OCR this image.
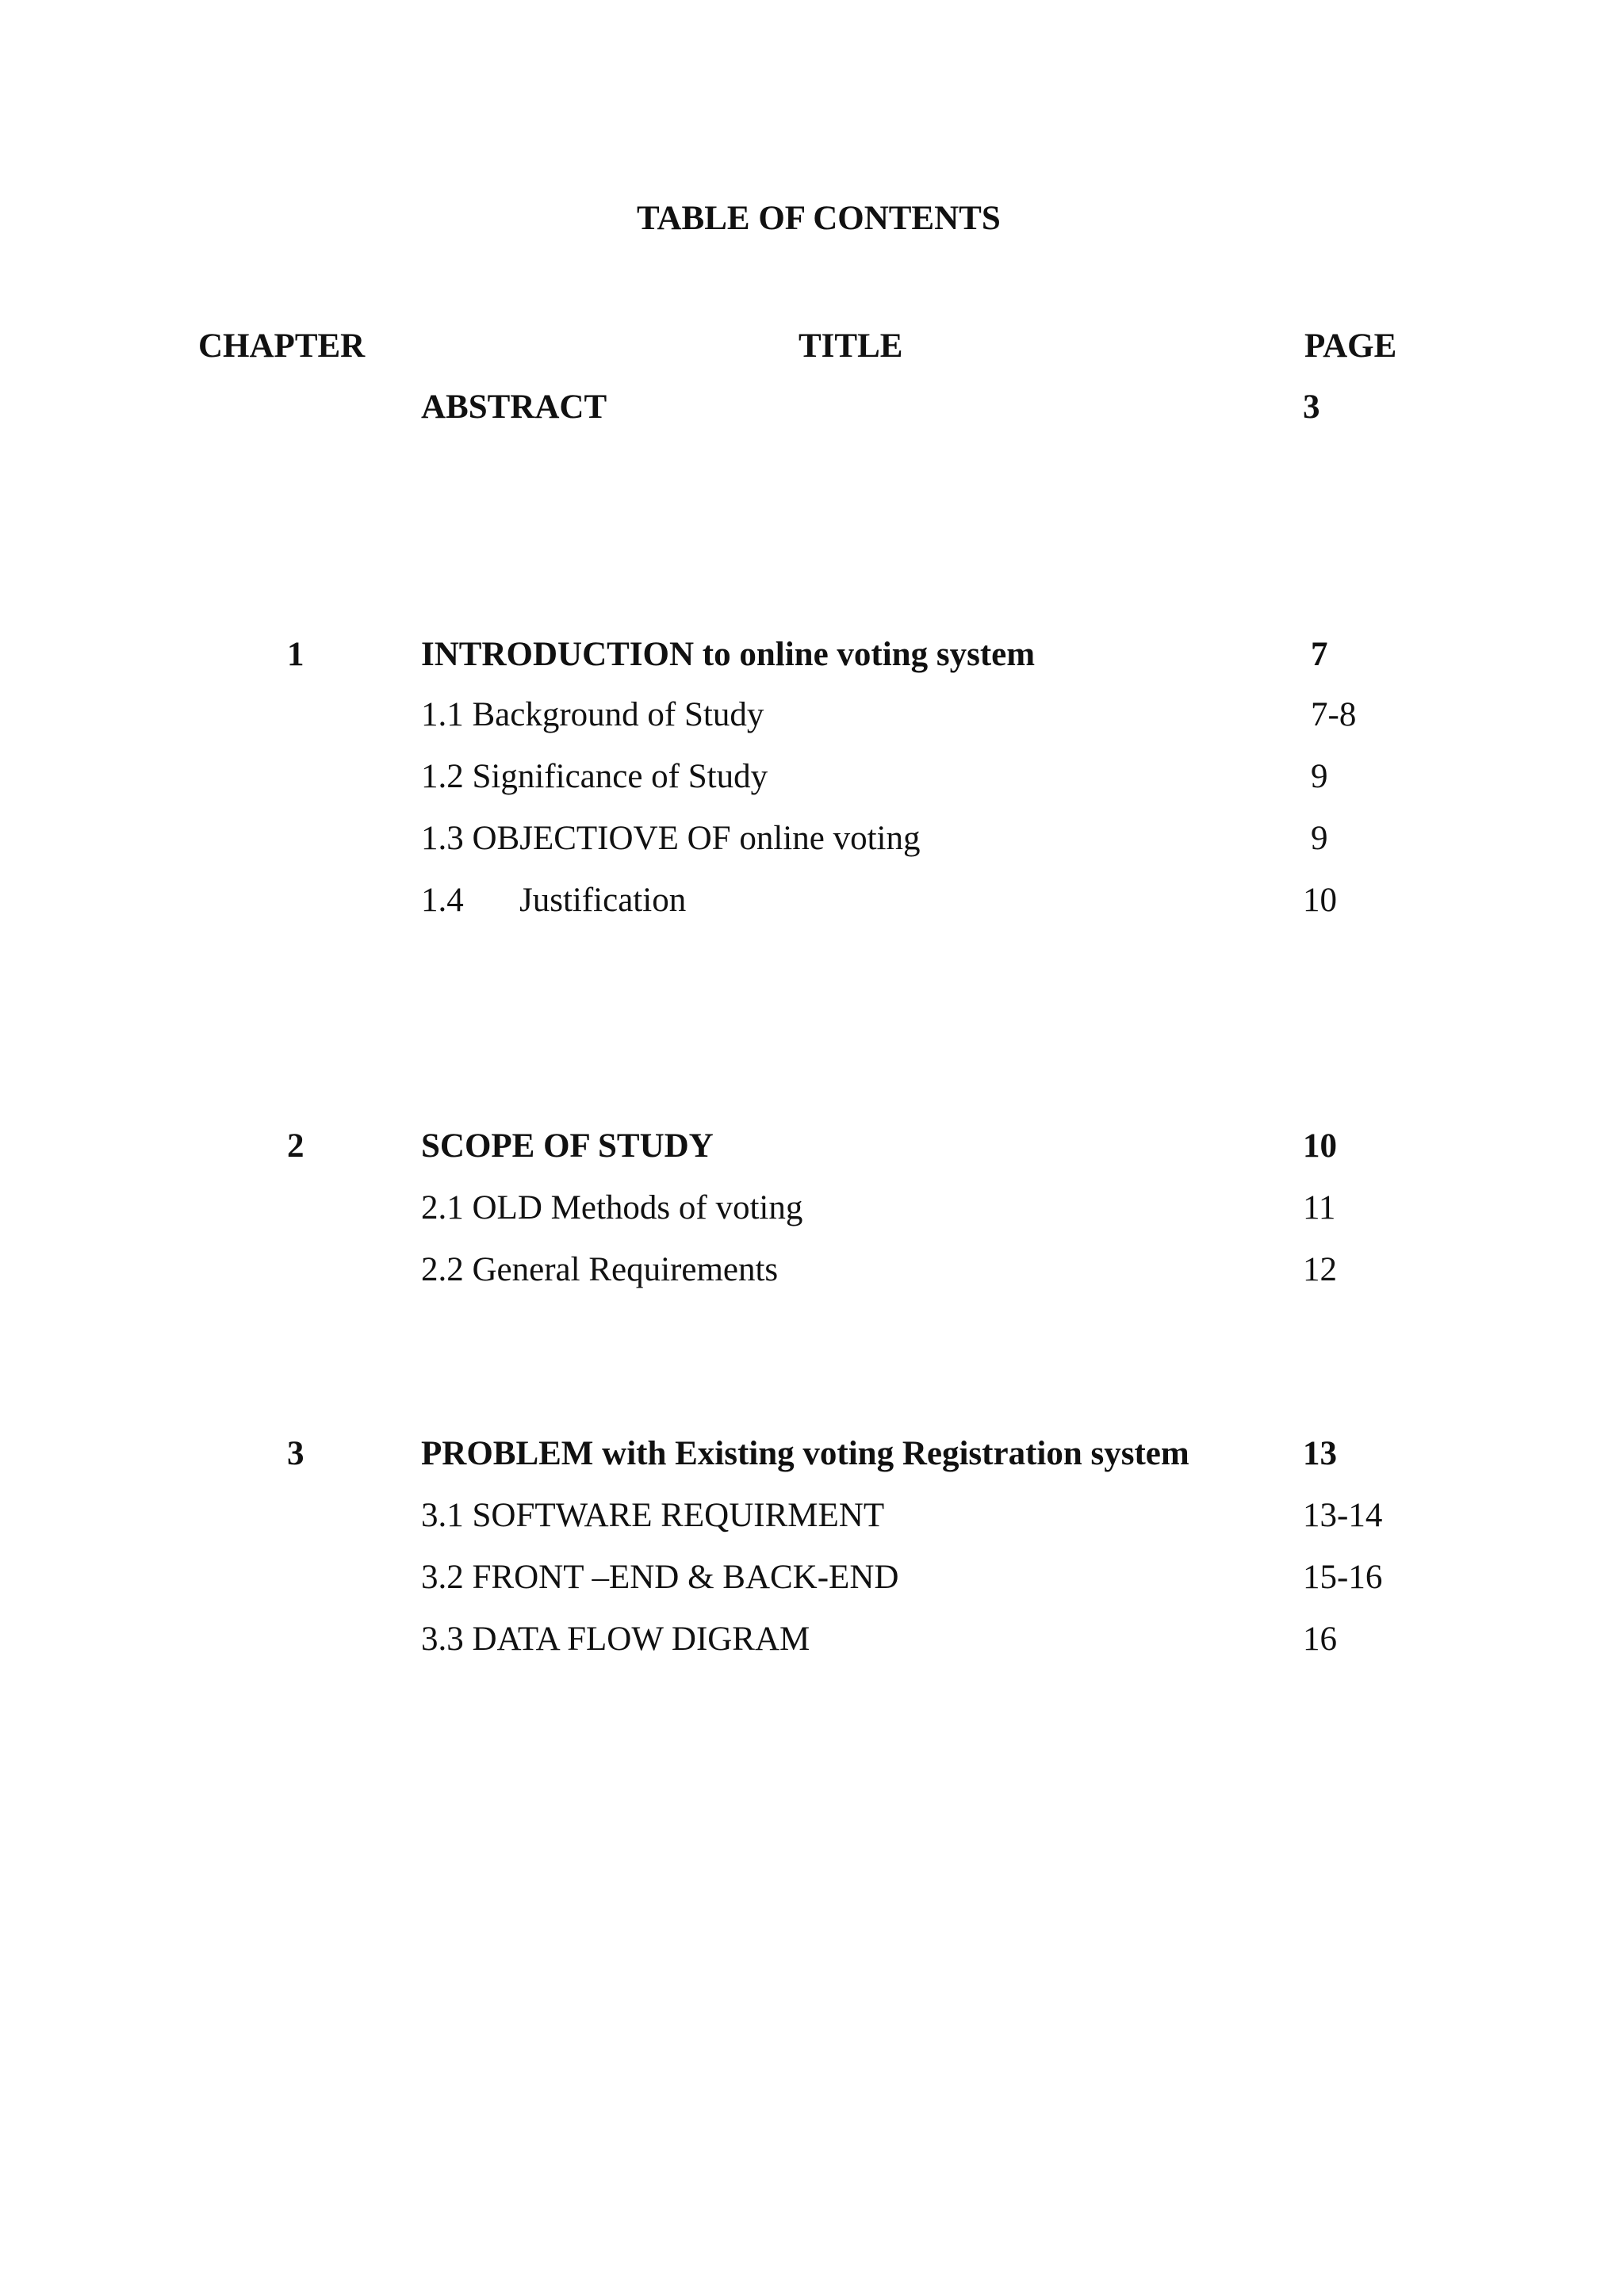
TABLE OF CONTENTS
CHAPTER	TITLE	PAGE
ABSTRACT	3
1	INTRODUCTION to online voting system	7
1.1 Background of Study	7-8
1.2 Significance of Study	9
1.3 OBJECTIOVE OF online voting	9
1.4 Justification	10
2	SCOPE OF STUDY	10
2.1 OLD Methods of voting	11
2.2 General Requirements	12
3	PROBLEM with Existing voting Registration system	13
3.1 SOFTWARE REQUIRMENT	13-14
3.2 FRONT –END & BACK-END	15-16
3.3 DATA FLOW DIGRAM	16
